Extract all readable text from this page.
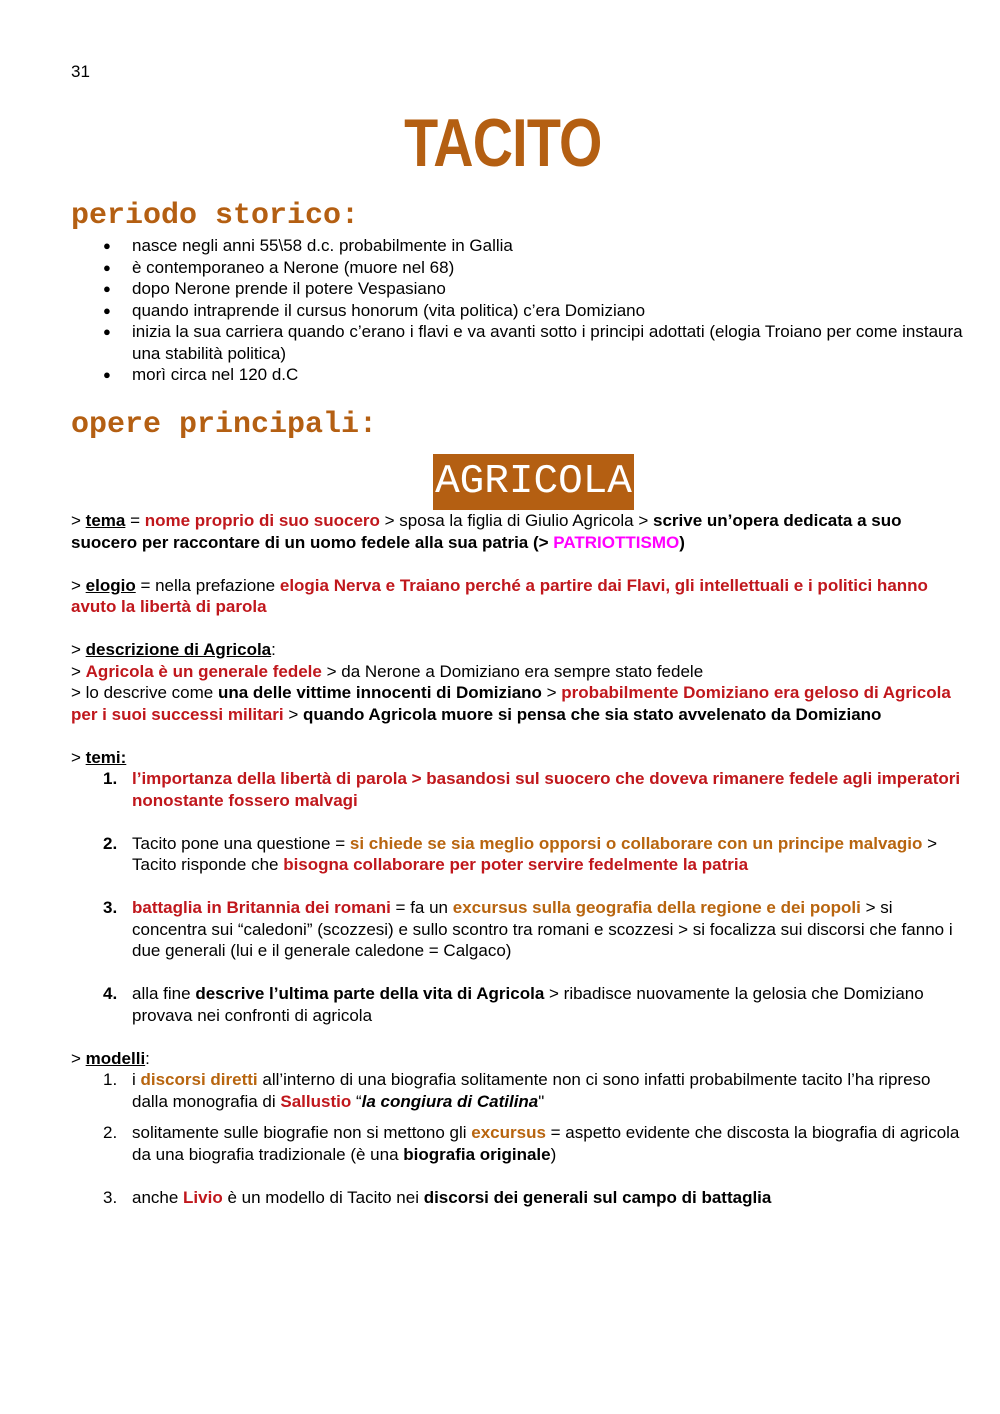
31
TACITO
periodo storico:
● nasce negli anni 55\58 d.c. probabilmente in Gallia
● è contemporaneo a Nerone (muore nel 68)
● dopo Nerone prende il potere Vespasiano
● quando intraprende il cursus honorum (vita politica) c’era Domiziano
● inizia la sua carriera quando c’erano i flavi e va avanti sotto i principi adottati (elogia Troiano per come instaura una stabilità politica)
● morì circa nel 120 d.C
opere principali:
AGRICOLA

> tema = nome proprio di suo suocero > sposa la figlia di Giulio Agricola > scrive un’opera dedicata a suo suocero per raccontare di un uomo fedele alla sua patria (> PATRIOTTISMO)

> elogio = nella prefazione elogia Nerva e Traiano perché a partire dai Flavi, gli intellettuali e i politici hanno avuto la libertà di parola

> descrizione di Agricola:

> Agricola è un generale fedele > da Nerone a Domiziano era sempre stato fedele

> lo descrive come una delle vittime innocenti di Domiziano > probabilmente Domiziano era geloso di Agricola per i suoi successi militari > quando Agricola muore si pensa che sia stato avvelenato da Domiziano

> temi:

1. l’importanza della libertà di parola > basandosi sul suocero che doveva rimanere fedele agli imperatori nonostante fossero malvagi
2. Tacito pone una questione = si chiede se sia meglio opporsi o collaborare con un principe malvagio > Tacito risponde che bisogna collaborare per poter servire fedelmente la patria
3. battaglia in Britannia dei romani = fa un excursus sulla geografia della regione e dei popoli > si concentra sui “caledoni” (scozzesi) e sullo scontro tra romani e scozzesi > si focalizza sui discorsi che fanno i due generali (lui e il generale caledone = Calgaco)
4. alla fine descrive l’ultima parte della vita di Agricola > ribadisce nuovamente la gelosia che Domiziano provava nei confronti di agricola

> modelli:

1. i discorsi diretti all’interno di una biografia solitamente non ci sono infatti probabilmente tacito l’ha ripreso dalla monografia di Sallustio “la congiura di Catilina"
2. solitamente sulle biografie non si mettono gli excursus = aspetto evidente che discosta la biografia di agricola da una biografia tradizionale (è una biografia originale)
3. anche Livio è un modello di Tacito nei discorsi dei generali sul campo di battaglia
